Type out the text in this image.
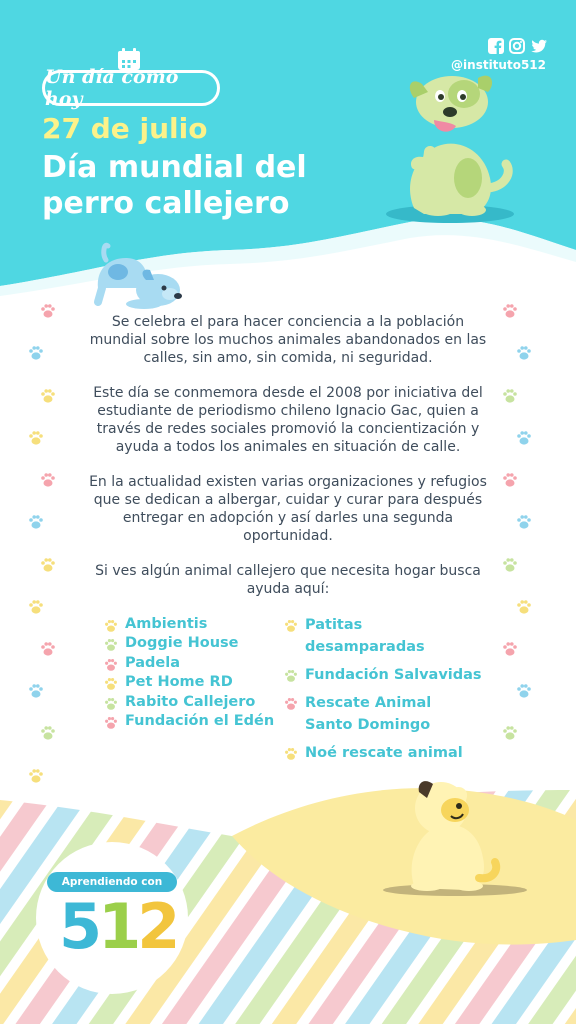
Un día como hoy
27 de julio
Día mundial del perro callejero
@instituto512

Se celebra el para hacer conciencia a la población mundial sobre los muchos animales abandonados en las calles, sin amo, sin comida, ni seguridad.

Este día se conmemora desde el 2008 por iniciativa del estudiante de periodismo chileno Ignacio Gac, quien a través de redes sociales promovió la concientización y ayuda a todos los animales en situación de calle.

En la actualidad existen varias organizaciones y refugios que se dedican a albergar, cuidar y curar para después entregar en adopción y así darles una segunda oportunidad.

Si ves algún animal callejero que necesita hogar busca ayuda aquí:

Ambientis
Doggie House
Padela
Pet Home RD
Rabito Callejero
Fundación el Edén
Patitas desamparadas
Fundación Salvavidas
Rescate Animal Santo Domingo
Noé rescate animal
Aprendiendo con
512
